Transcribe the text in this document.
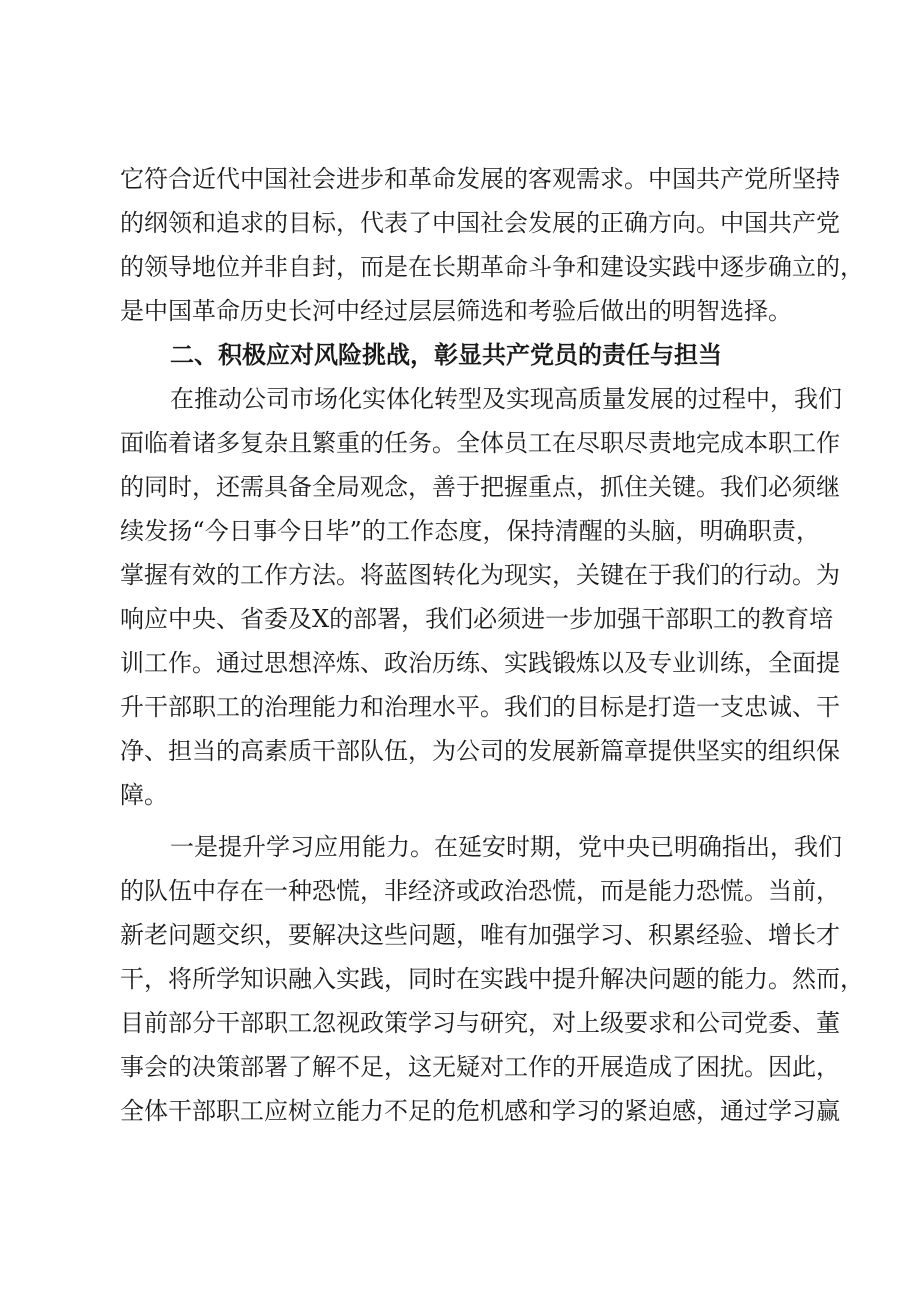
它符合近代中国社会进步和革命发展的客观需求。中国共产党所坚持
的纲领和追求的目标，代表了中国社会发展的正确方向。中国共产党
的领导地位并非自封，而是在长期革命斗争和建设实践中逐步确立的，
是中国革命历史长河中经过层层筛选和考验后做出的明智选择。
二、积极应对风险挑战，彰显共产党员的责任与担当
在推动公司市场化实体化转型及实现高质量发展的过程中，我们
面临着诸多复杂且繁重的任务。全体员工在尽职尽责地完成本职工作
的同时，还需具备全局观念，善于把握重点，抓住关键。我们必须继
续发扬“今日事今日毕”的工作态度，保持清醒的头脑，明确职责，
掌握有效的工作方法。将蓝图转化为现实，关键在于我们的行动。为
响应中央、省委及X的部署，我们必须进一步加强干部职工的教育培
训工作。通过思想淬炼、政治历练、实践锻炼以及专业训练，全面提
升干部职工的治理能力和治理水平。我们的目标是打造一支忠诚、干
净、担当的高素质干部队伍，为公司的发展新篇章提供坚实的组织保
障。
一是提升学习应用能力。在延安时期，党中央已明确指出，我们
的队伍中存在一种恐慌，非经济或政治恐慌，而是能力恐慌。当前，
新老问题交织，要解决这些问题，唯有加强学习、积累经验、增长才
干，将所学知识融入实践，同时在实践中提升解决问题的能力。然而，
目前部分干部职工忽视政策学习与研究，对上级要求和公司党委、董
事会的决策部署了解不足，这无疑对工作的开展造成了困扰。因此，
全体干部职工应树立能力不足的危机感和学习的紧迫感，通过学习赢
